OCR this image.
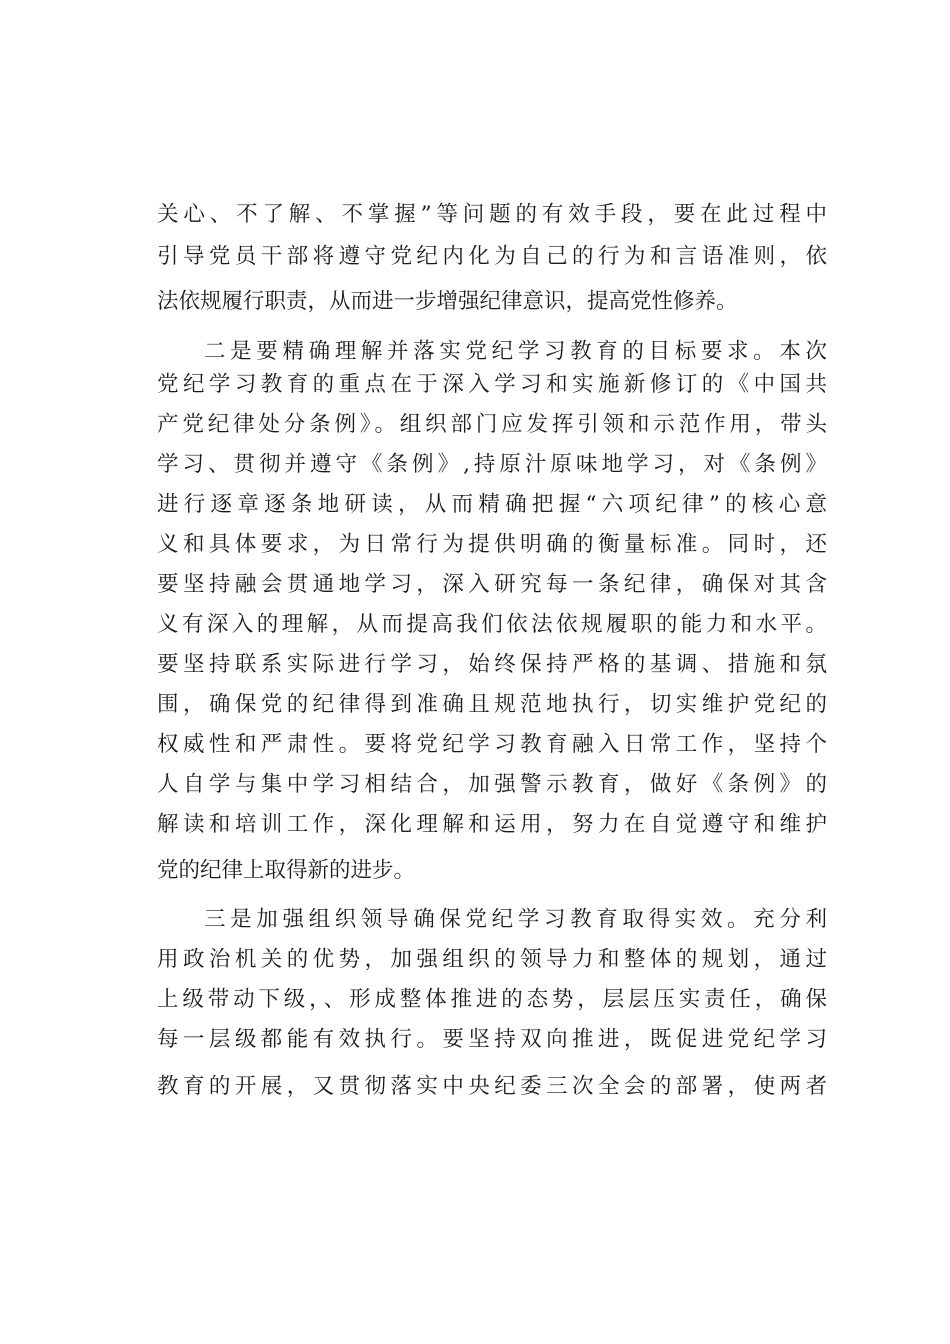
关心、不了解、不掌握”等问题的有效手段，要在此过程中
引导党员干部将遵守党纪内化为自己的行为和言语准则，依
法依规履行职责，从而进一步增强纪律意识，提高党性修养。
二是要精确理解并落实党纪学习教育的目标要求。本次
党纪学习教育的重点在于深入学习和实施新修订的《中国共
产党纪律处分条例》。组织部门应发挥引领和示范作用，带头
学习、贯彻并遵守《条例》,持原汁原味地学习，对《条例》
进行逐章逐条地研读，从而精确把握“六项纪律”的核心意
义和具体要求，为日常行为提供明确的衡量标准。同时，还
要坚持融会贯通地学习，深入研究每一条纪律，确保对其含
义有深入的理解，从而提高我们依法依规履职的能力和水平。
要坚持联系实际进行学习，始终保持严格的基调、措施和氛
围，确保党的纪律得到准确且规范地执行，切实维护党纪的
权威性和严肃性。要将党纪学习教育融入日常工作，坚持个
人自学与集中学习相结合，加强警示教育，做好《条例》的
解读和培训工作，深化理解和运用，努力在自觉遵守和维护
党的纪律上取得新的进步。
三是加强组织领导确保党纪学习教育取得实效。充分利
用政治机关的优势，加强组织的领导力和整体的规划，通过
上级带动下级，、形成整体推进的态势，层层压实责任，确保
每一层级都能有效执行。要坚持双向推进，既促进党纪学习
教育的开展，又贯彻落实中央纪委三次全会的部署，使两者
